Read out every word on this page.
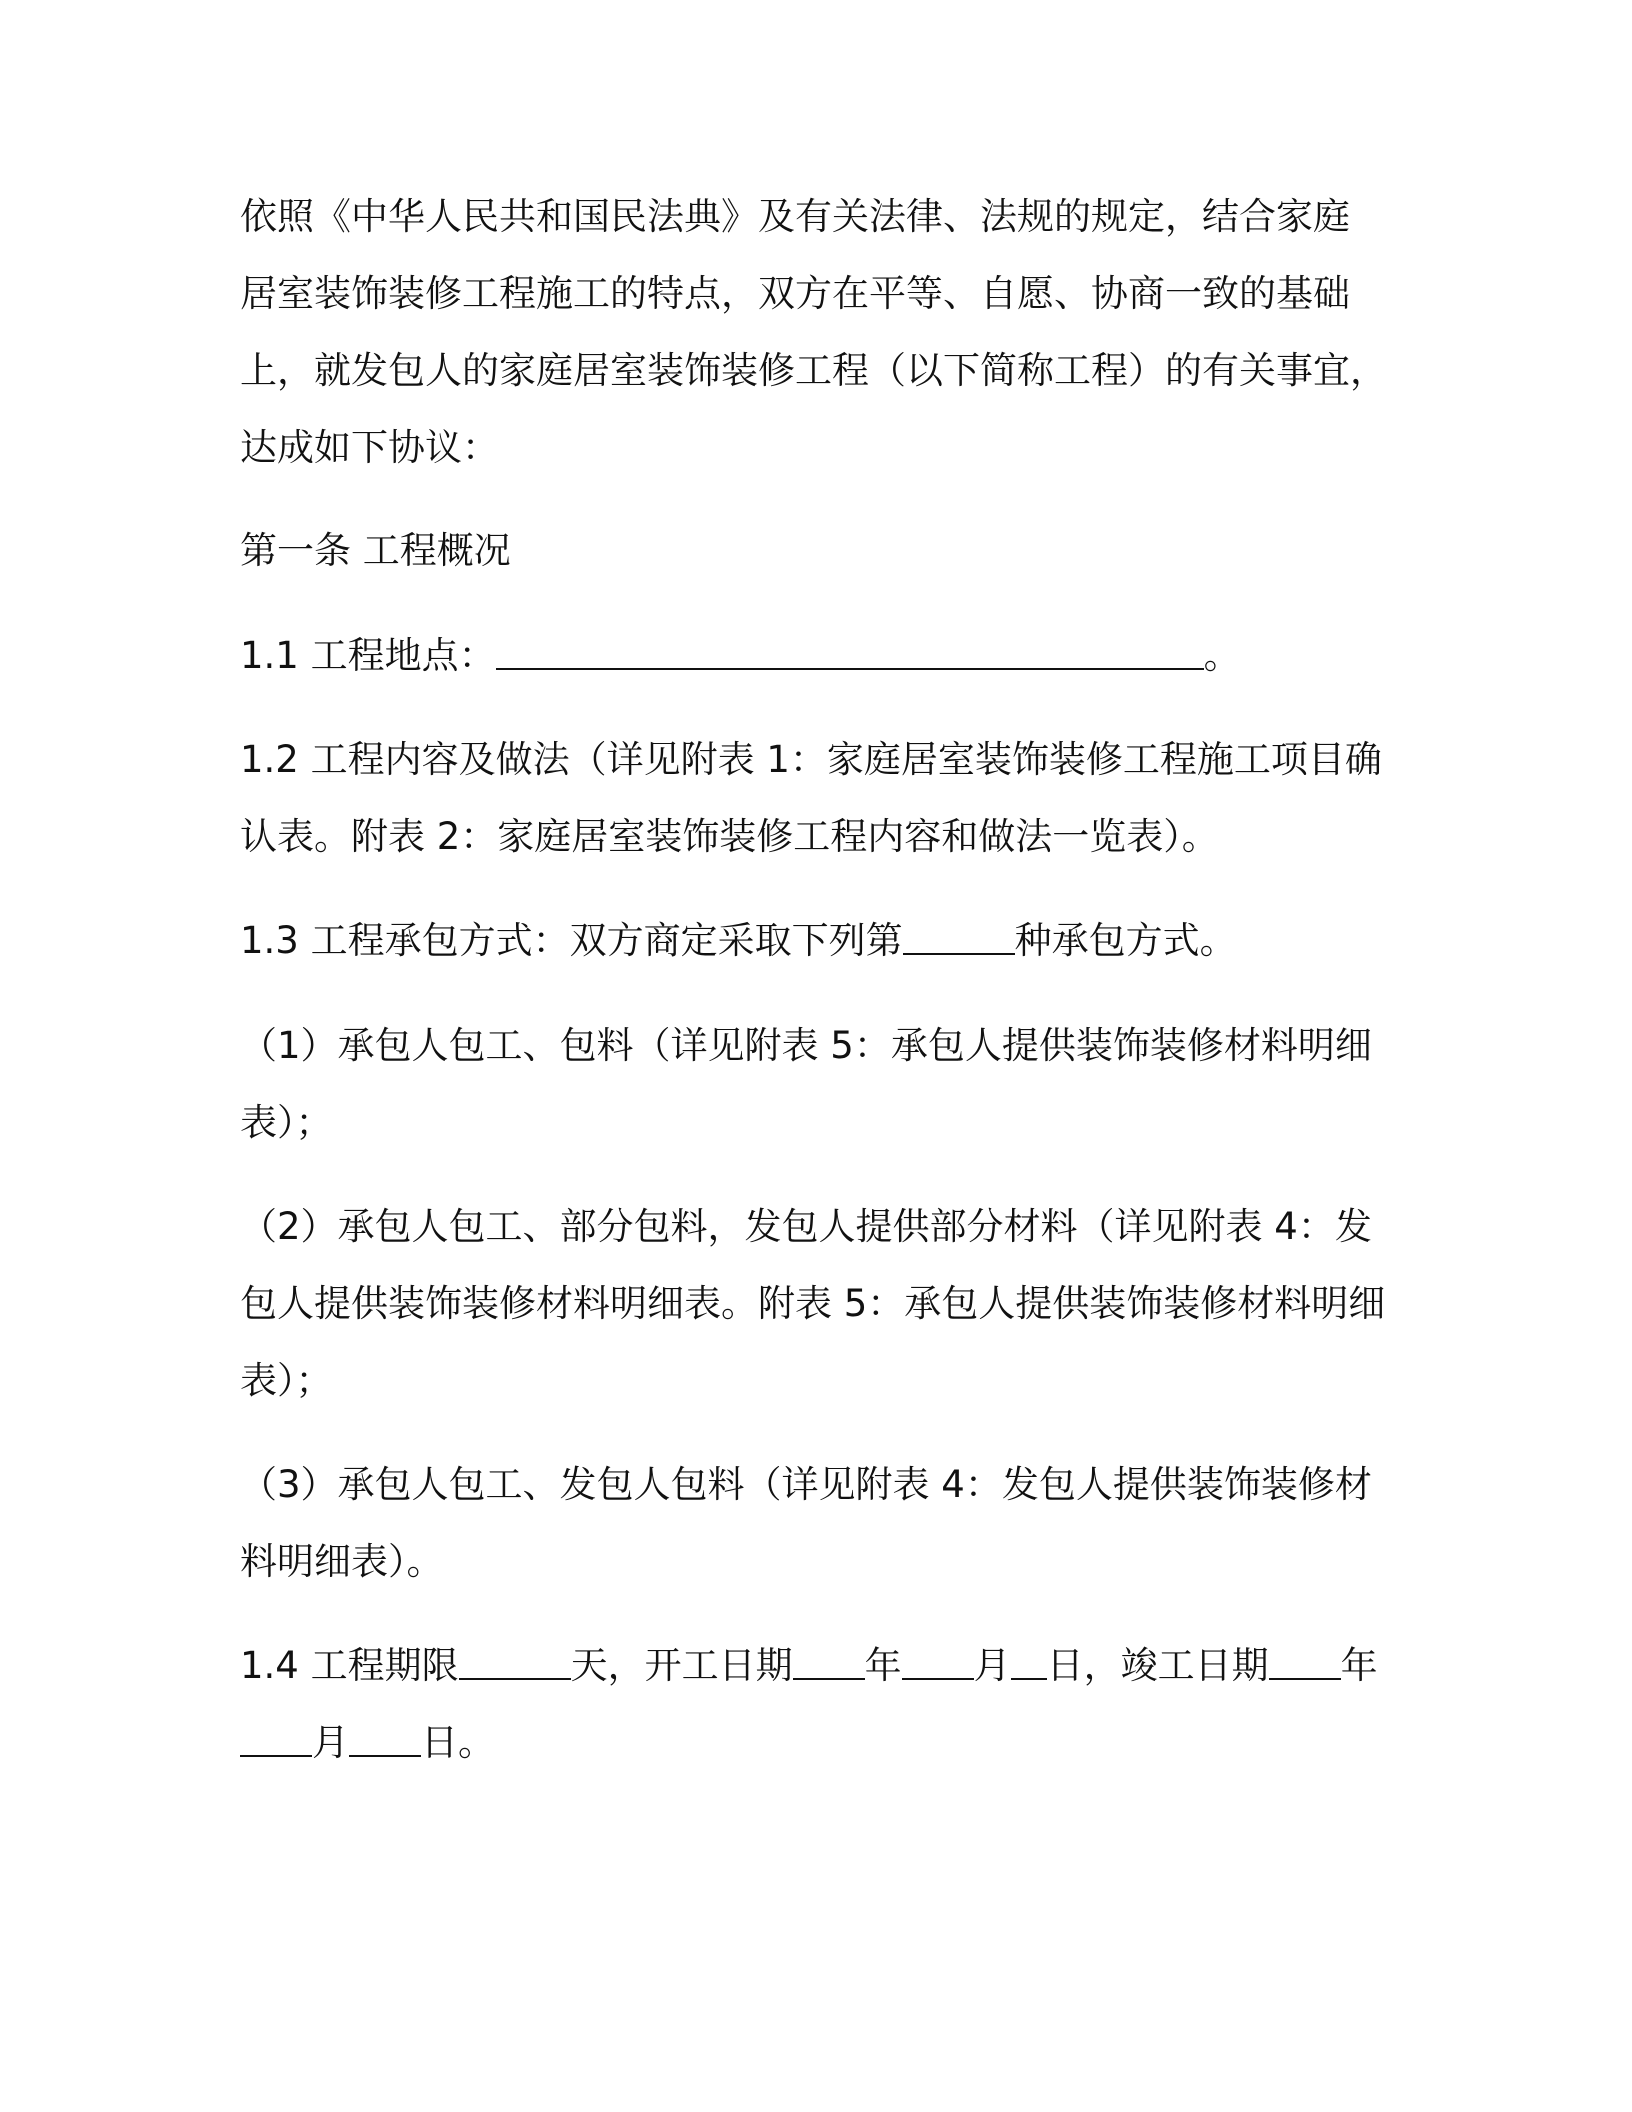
依照《中华人民共和国民法典》及有关法律、法规的规定，结合家庭
居室装饰装修工程施工的特点，双方在平等、自愿、协商一致的基础
上，就发包人的家庭居室装饰装修工程（以下简称工程）的有关事宜，
达成如下协议：
第一条 工程概况
1.1 工程地点：	。
1.2 工程内容及做法（详见附表 1：家庭居室装饰装修工程施工项目确
认表。附表 2：家庭居室装饰装修工程内容和做法一览表）。
1.3 工程承包方式：双方商定采取下列第	种承包方式。
（1）承包人包工、包料（详见附表 5：承包人提供装饰装修材料明细
表）；
（2）承包人包工、部分包料，发包人提供部分材料（详见附表 4：发
包人提供装饰装修材料明细表。附表 5：承包人提供装饰装修材料明细
表）；
（3）承包人包工、发包人包料（详见附表 4：发包人提供装饰装修材
料明细表）。
1.4 工程期限	天，开工日期 年 月 日，竣工日期 年
月 日。
